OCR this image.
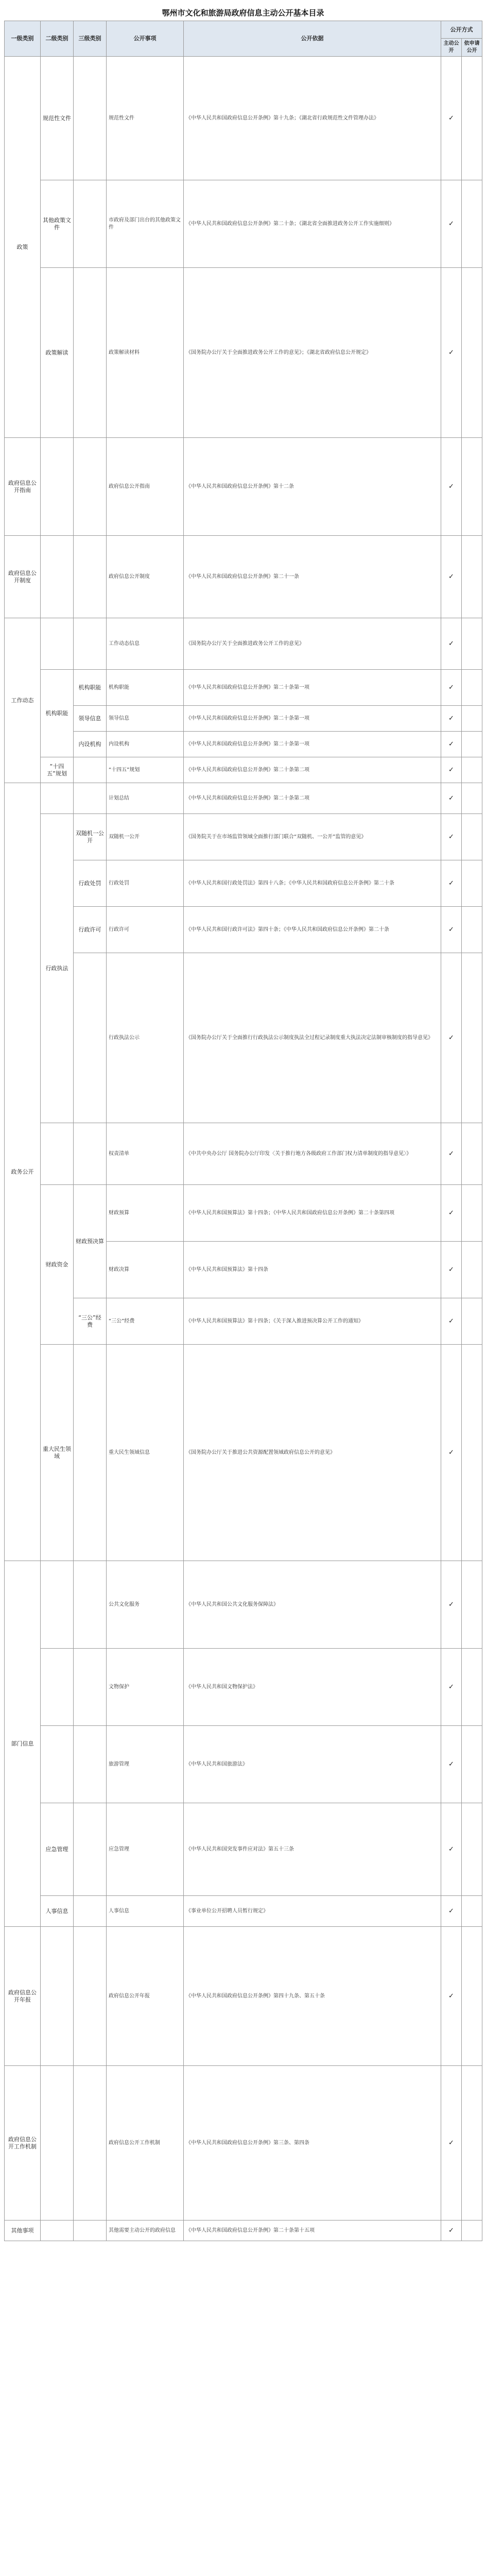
鄂州市文化和旅游局政府信息主动公开基本目录
一级类别	二级类别	三级类别	公开事项	公开依据	公开方式	
					主动公开	依申请公开
政策	规范性文件		规范性文件	《中华人民共和国政府信息公开条例》第十九条；《湖北省行政规范性文件管理办法》	✓	
	其他政策文件		市政府及部门出台的其他政策文件	《中华人民共和国政府信息公开条例》第二十条；《湖北省全面推进政务公开工作实施细则》	✓	
	政策解读		政策解读材料	《国务院办公厅关于全面推进政务公开工作的意见》；《湖北省政府信息公开规定》	✓	
政府信息公开指南			政府信息公开指南	《中华人民共和国政府信息公开条例》第十二条	✓	
政府信息公开制度			政府信息公开制度	《中华人民共和国政府信息公开条例》第二十一条	✓	
工作动态			工作动态信息	《国务院办公厅关于全面推进政务公开工作的意见》	✓	
	机构职能	机构职能	机构职能	《中华人民共和国政府信息公开条例》第二十条第一项	✓	
		领导信息	领导信息	《中华人民共和国政府信息公开条例》第二十条第一项	✓	
		内设机构	内设机构	《中华人民共和国政府信息公开条例》第二十条第一项	✓	
	“十四五”规划		“十四五”规划	《中华人民共和国政府信息公开条例》第二十条第二项	✓	
政务公开			计划总结	《中华人民共和国政府信息公开条例》第二十条第二项	✓	
	行政执法	双随机一公开	双随机一公开	《国务院关于在市场监管领域全面推行部门联合“双随机、一公开”监管的意见》	✓	
		行政处罚	行政处罚	《中华人民共和国行政处罚法》第四十八条；《中华人民共和国政府信息公开条例》第二十条	✓	
		行政许可	行政许可	《中华人民共和国行政许可法》第四十条；《中华人民共和国政府信息公开条例》第二十条	✓	
			行政执法公示	《国务院办公厅关于全面推行行政执法公示制度执法全过程记录制度重大执法决定法制审核制度的指导意见》	✓	
			权责清单	《中共中央办公厅 国务院办公厅印发〈关于推行地方各级政府工作部门权力清单制度的指导意见〉》	✓	
	财政资金	财政预决算	财政预算	《中华人民共和国预算法》第十四条；《中华人民共和国政府信息公开条例》第二十条第四项	✓	
			财政决算	《中华人民共和国预算法》第十四条	✓	
		“三公”经费	“三公”经费	《中华人民共和国预算法》第十四条；《关于深入推进预决算公开工作的通知》	✓	
	重大民生领域		重大民生领域信息	《国务院办公厅关于推进公共资源配置领域政府信息公开的意见》	✓	
部门信息			公共文化服务	《中华人民共和国公共文化服务保障法》	✓	
			文物保护	《中华人民共和国文物保护法》	✓	
			旅游管理	《中华人民共和国旅游法》	✓	
	应急管理		应急管理	《中华人民共和国突发事件应对法》第五十三条	✓	
	人事信息		人事信息	《事业单位公开招聘人员暂行规定》	✓	
政府信息公开年报			政府信息公开年报	《中华人民共和国政府信息公开条例》第四十九条、第五十条	✓	
政府信息公开工作机制			政府信息公开工作机制	《中华人民共和国政府信息公开条例》第三条、第四条	✓	
其他事项			其他需要主动公开的政府信息	《中华人民共和国政府信息公开条例》第二十条第十五项	✓	
